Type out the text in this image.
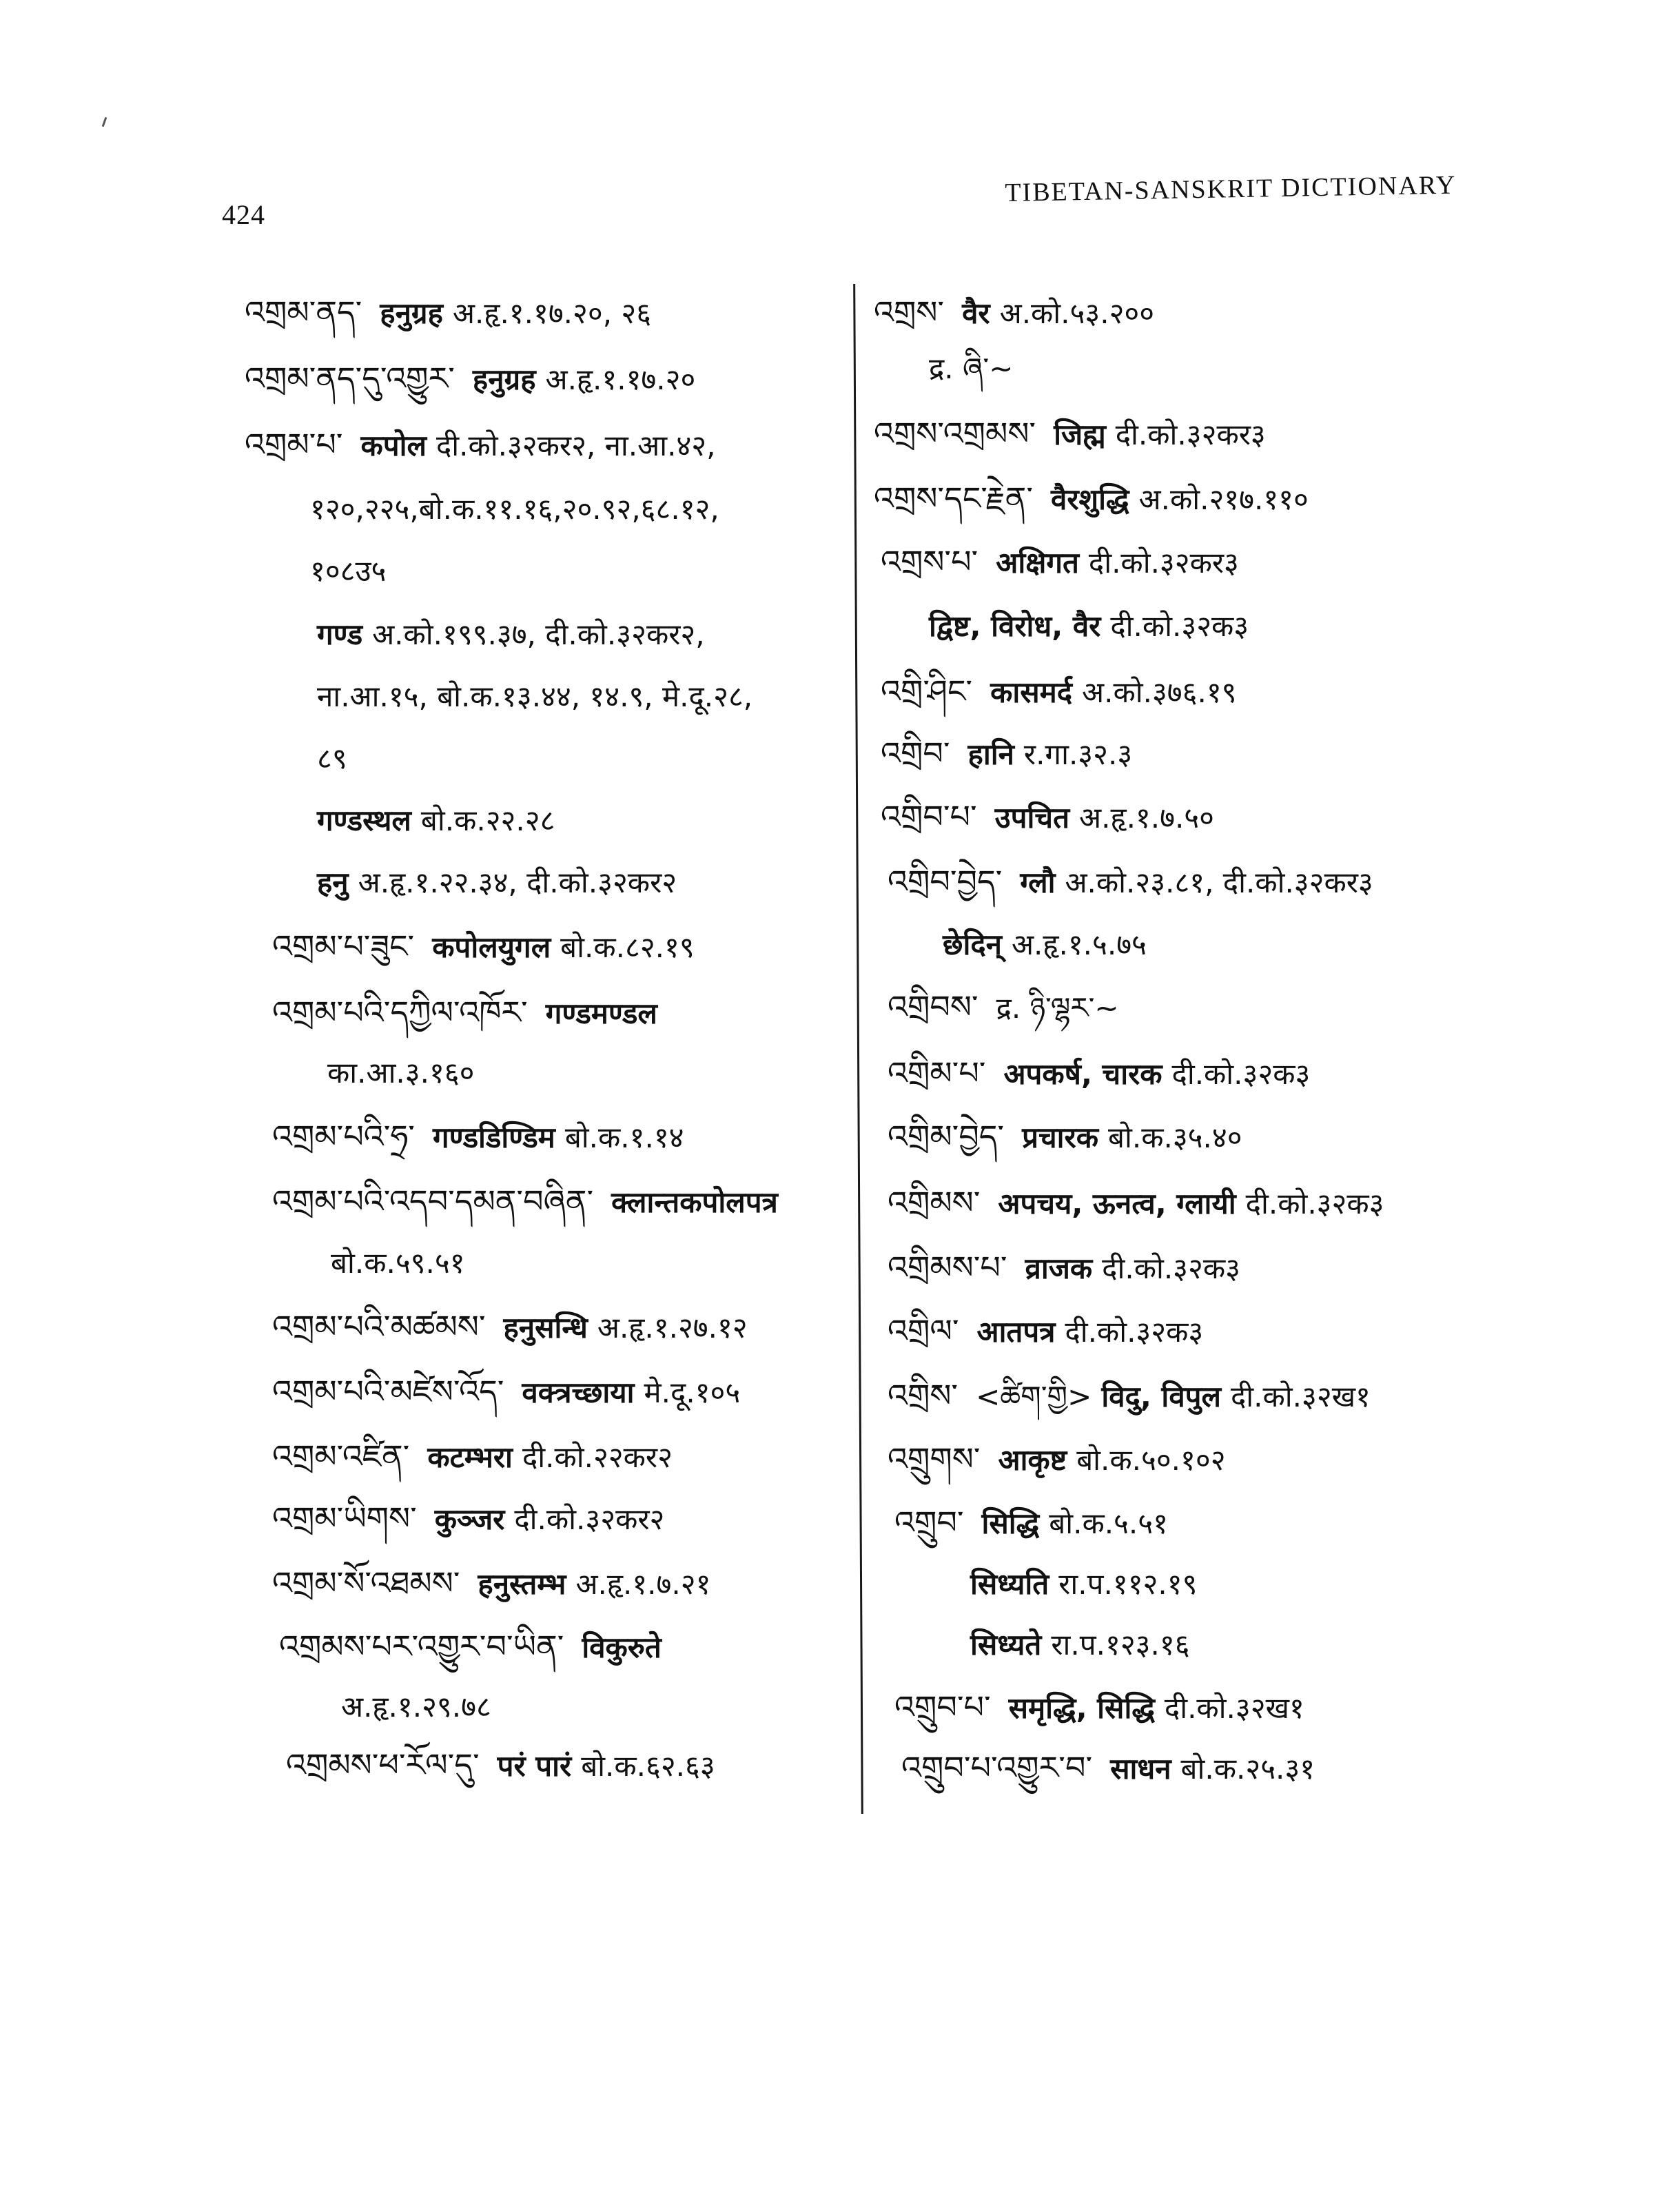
424
TIBETAN-SANSKRIT DICTIONARY
འགྲམ་ནད་ हनुग्रह अ.हृ.१.१७.२०, २६
འགྲམ་ནད་དུ་འགྱུར་ हनुग्रह अ.हृ.१.१७.२०
འགྲམ་པ་ कपोल दी.को.३२कर२, ना.आ.४२,
१२०,२२५,बो.क.११.१६,२०.९२,६८.१२,
१०८उ५
गण्ड अ.को.१९९.३७, दी.को.३२कर२,
ना.आ.१५, बो.क.१३.४४, १४.९, मे.दू.२८,
८९
गण्डस्थल बो.क.२२.२८
हनु अ.हृ.१.२२.३४, दी.को.३२कर२
འགྲམ་པ་ཟུང་ कपोलयुगल बो.क.८२.१९
འགྲམ་པའི་དཀྱིལ་འཁོར་ गण्डमण्डल
का.आ.३.१६०
འགྲམ་པའི་ཧྲ་ गण्डडिण्डिम बो.क.१.१४
འགྲམ་པའི་འདབ་དམན་བཞིན་ क्लान्तकपोलपत्र
बो.क.५९.५१
འགྲམ་པའི་མཚམས་ हनुसन्धि अ.हृ.१.२७.१२
འགྲམ་པའི་མཛེས་འོད་ वक्त्रच्छाया मे.दू.१०५
འགྲམ་འཛིན་ कटम्भरा दी.को.२२कर२
འགྲམ་ཡིགས་ कुञ्जर दी.को.३२कर२
འགྲམ་སོ་འཐམས་ हनुस्तम्भ अ.हृ.१.७.२१
འགྲམས་པར་འགྱུར་བ་ཡིན་ विकुरुते
अ.हृ.१.२९.७८
འགྲམས་ཕ་རོལ་དུ་ परं पारं बो.क.६२.६३
འགྲས་ वैर अ.को.५३.२००
द्र. ཞི་~
འགྲས་འགྲམས་ जिह्म दी.को.३२कर३
འགྲས་དང་རྗེན་ वैरशुद्धि अ.को.२१७.११०
འགྲས་པ་ अक्षिगत दी.को.३२कर३
द्विष्ट, विरोध, वैर दी.को.३२क३
འགྲི་ཤིང་ कासमर्द अ.को.३७६.१९
འགྲིབ་ हानि र.गा.३२.३
འགྲིབ་པ་ उपचित अ.हृ.१.७.५०
འགྲིབ་བྱེད་ ग्लौ अ.को.२३.८१, दी.को.३२कर३
छेदिन् अ.हृ.१.५.७५
འགྲིབས་ द्र. ཉི་ལྷར་~
འགྲིམ་པ་ अपकर्ष, चारक दी.को.३२क३
འགྲིམ་བྱེད་ प्रचारक बो.क.३५.४०
འགྲིམས་ अपचय, ऊनत्व, ग्लायी दी.को.३२क३
འགྲིམས་པ་ व्राजक दी.को.३२क३
འགྲིལ་ आतपत्र दी.को.३२क३
འགྲིས་ <ཚིག་གྱི> विदु, विपुल दी.को.३२ख१
འགྲུགས་ आकृष्ट बो.क.५०.१०२
འགྲུབ་ सिद्धि बो.क.५.५१
सिध्यति रा.प.११२.१९
सिध्यते रा.प.१२३.१६
འགྲུབ་པ་ समृद्धि, सिद्धि दी.को.३२ख१
འགྲུབ་པ་འགྱུར་བ་ साधन बो.क.२५.३१
